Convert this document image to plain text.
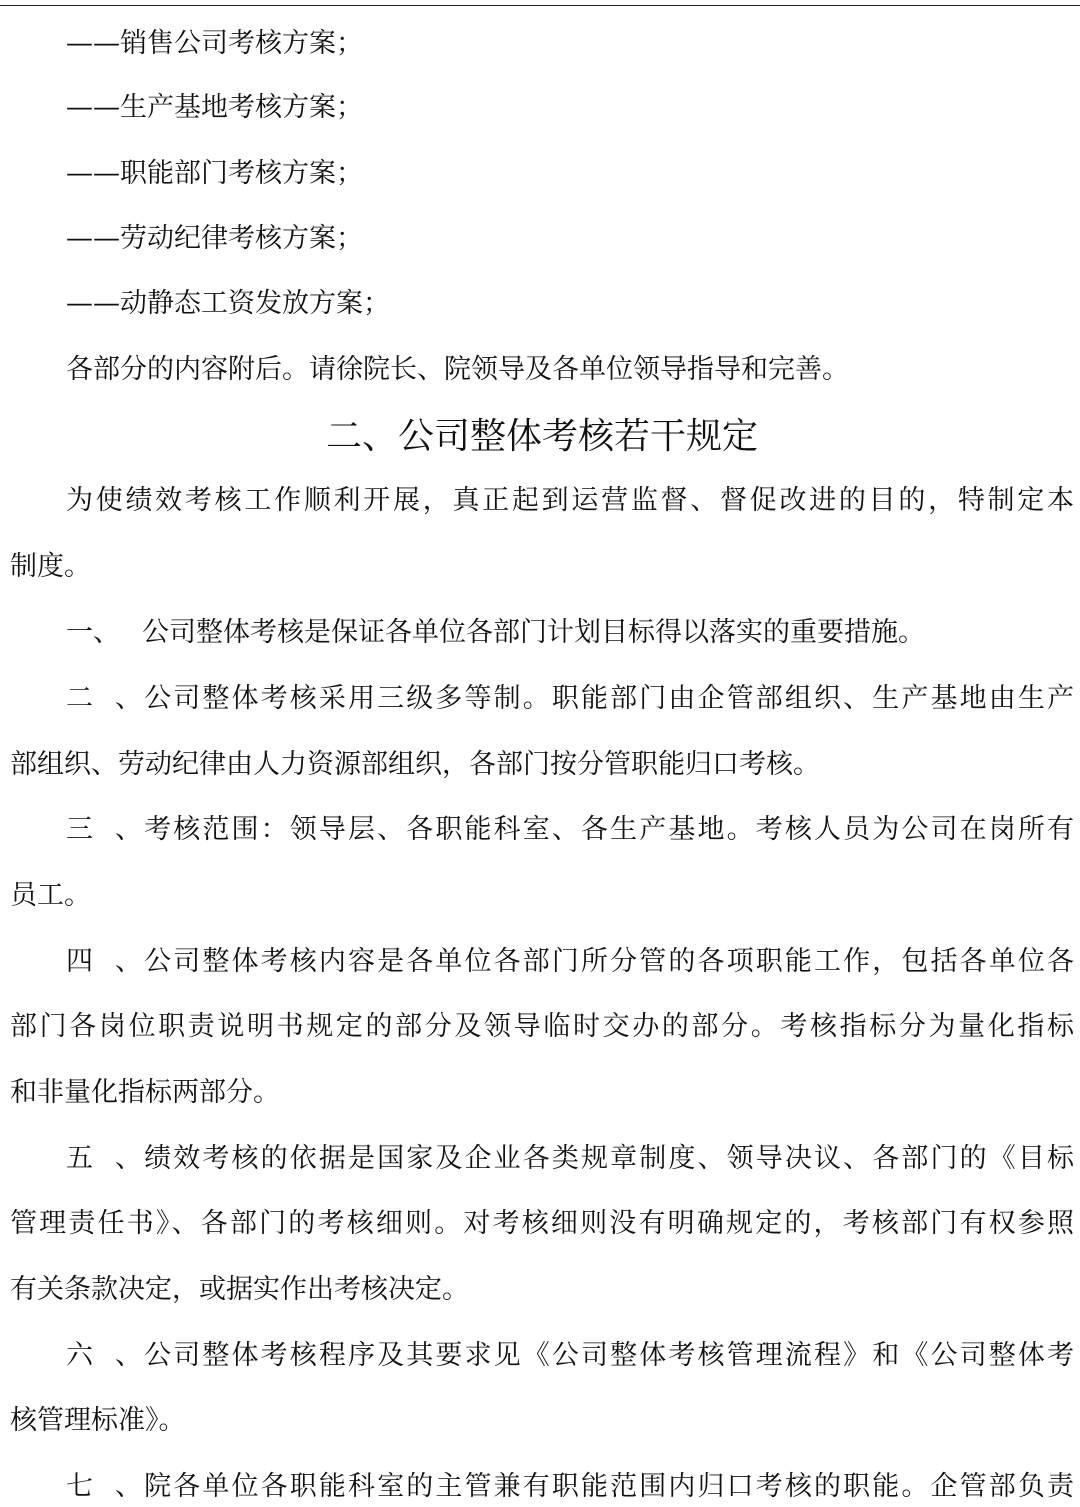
——销售公司考核方案；
——生产基地考核方案；
——职能部门考核方案；
——劳动纪律考核方案；
——动静态工资发放方案；
各部分的内容附后。请徐院长、院领导及各单位领导指导和完善。
二、公司整体考核若干规定
为使绩效考核工作顺利开展，真正起到运营监督、督促改进的目的，特制定本
制度。
一、 公司整体考核是保证各单位各部门计划目标得以落实的重要措施。
二、公司整体考核采用三级多等制。职能部门由企管部组织、生产基地由生产
部组织、劳动纪律由人力资源部组织，各部门按分管职能归口考核。
三、考核范围：领导层、各职能科室、各生产基地。考核人员为公司在岗所有
员工。
四、公司整体考核内容是各单位各部门所分管的各项职能工作，包括各单位各
部门各岗位职责说明书规定的部分及领导临时交办的部分。考核指标分为量化指标
和非量化指标两部分。
五、绩效考核的依据是国家及企业各类规章制度、领导决议、各部门的《目标
管理责任书》、各部门的考核细则。对考核细则没有明确规定的，考核部门有权参照
有关条款决定，或据实作出考核决定。
六、公司整体考核程序及其要求见《公司整体考核管理流程》和《公司整体考
核管理标准》。
七、院各单位各职能科室的主管兼有职能范围内归口考核的职能。企管部负责
